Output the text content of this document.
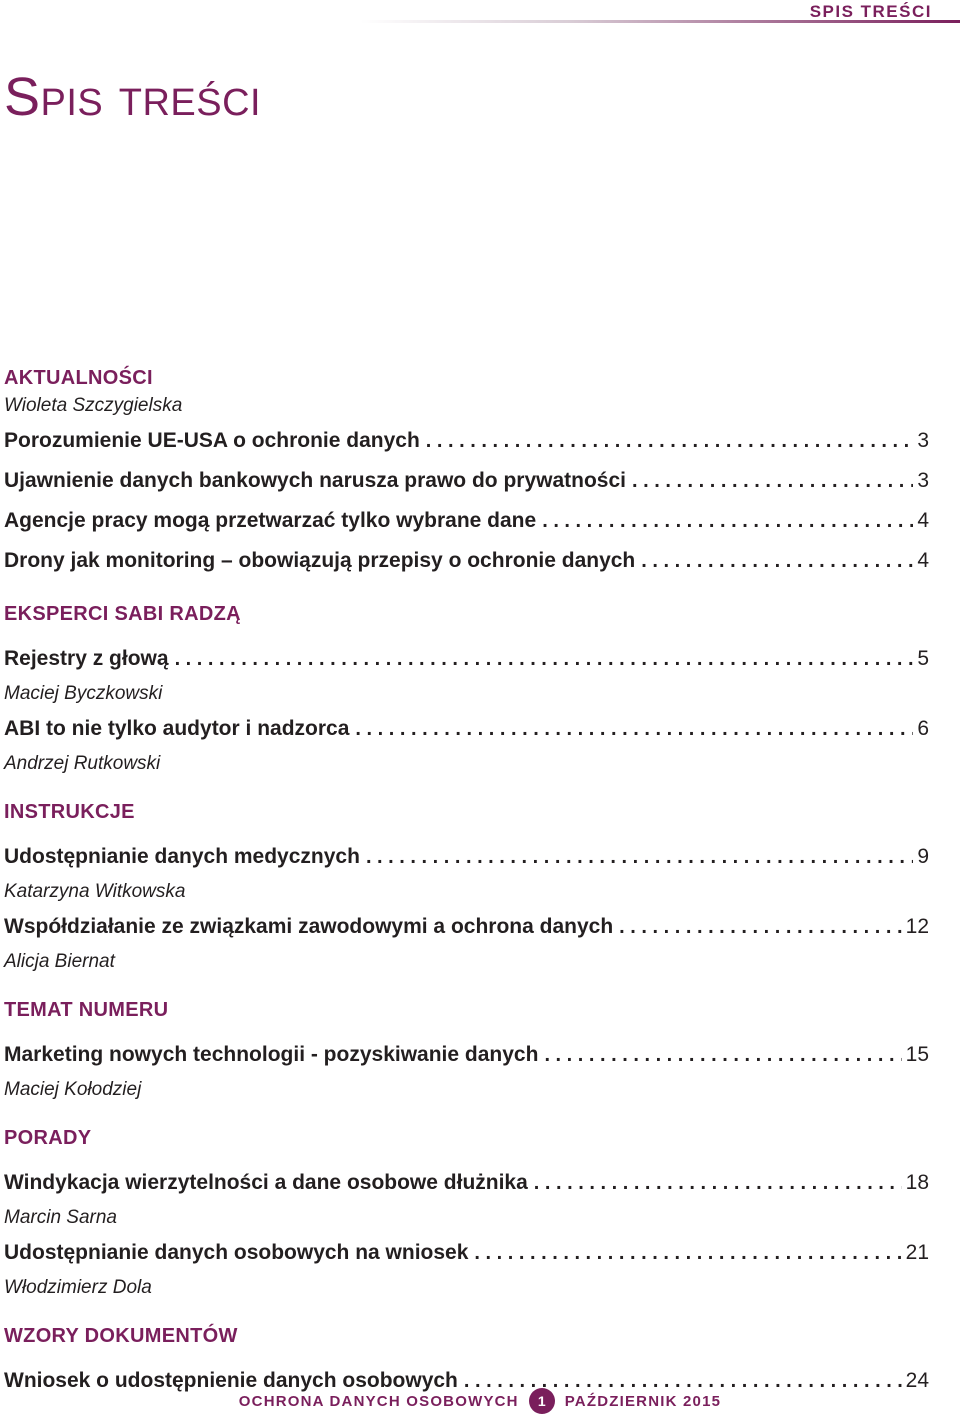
SPIS TREŚCI
Spis treści
AKTUALNOŚCI
Wioleta Szczygielska
Porozumienie UE-USA o ochronie danych . . .	3
Ujawnienie danych bankowych narusza prawo do prywatności . . .	3
Agencje pracy mogą przetwarzać tylko wybrane dane . . .	4
Drony jak monitoring – obowiązują przepisy o ochronie danych . . .	4
EKSPERCI SABI RADZĄ
Rejestry z głową . . .	5
Maciej Byczkowski
ABI to nie tylko audytor i nadzorca . . .	6
Andrzej Rutkowski
INSTRUKCJE
Udostępnianie danych medycznych . . .	9
Katarzyna Witkowska
Współdziałanie ze związkami zawodowymi a ochrona danych . . .	12
Alicja Biernat
TEMAT NUMERU
Marketing nowych technologii - pozyskiwanie danych . . .	15
Maciej Kołodziej
PORADY
Windykacja wierzytelności a dane osobowe dłużnika . . .	18
Marcin Sarna
Udostępnianie danych osobowych na wniosek . . .	21
Włodzimierz Dola
WZORY DOKUMENTÓW
Wniosek o udostępnienie danych osobowych . . .	24
OCHRONA DANYCH OSOBOWYCH	1	PAŹDZIERNIK 2015
